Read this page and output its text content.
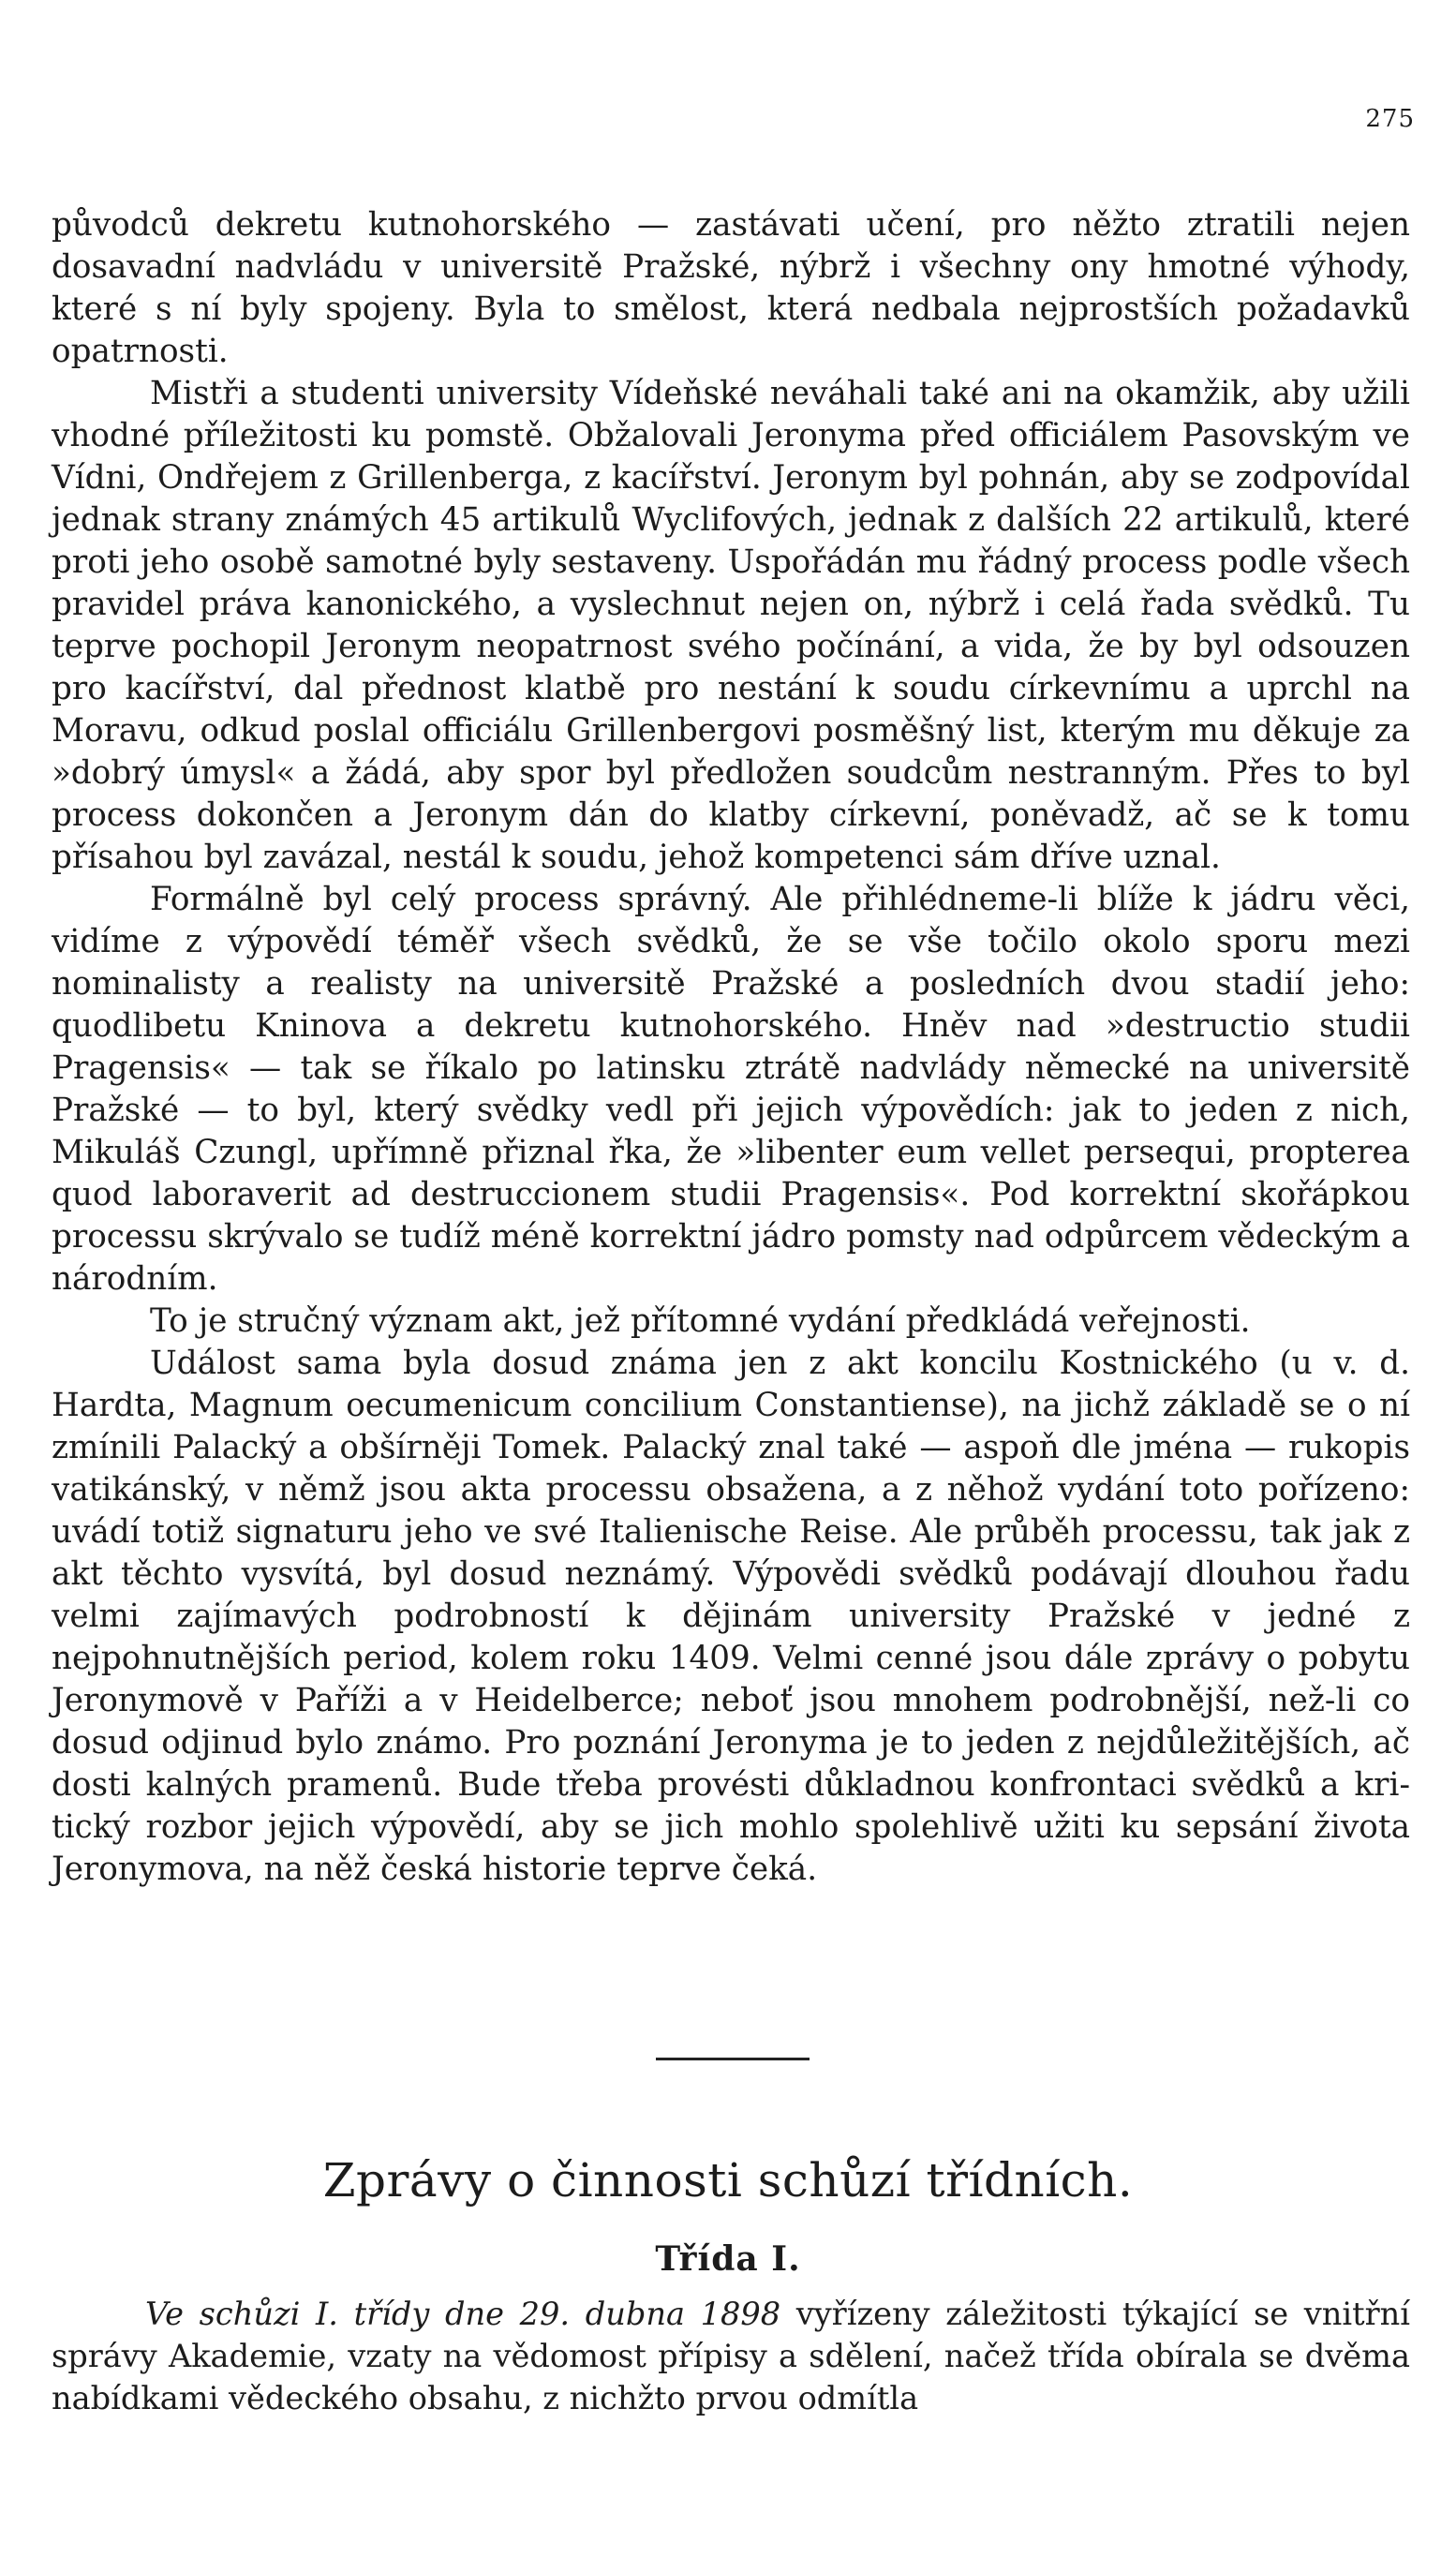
275

původců dekretu kutnohorského — zastávati učení, pro něžto ztratili nejen dosavadní nadvládu v universitě Pražské, nýbrž i všechny ony hmotné výhody, které s ní byly spojeny. Byla to smělost, která nedbala nejprostších požadavků opatrnosti.

Mistři a studenti university Vídeňské neváhali také ani na okamžik, aby užili vhodné příležitosti ku pomstě. Obžalovali Jeronyma před officiálem Pasovským ve Vídni, Ondřejem z Grillenberga, z kacířství. Jeronym byl pohnán, aby se zodpovídal jednak strany známých 45 artikulů Wyclifových, jednak z dalších 22 artikulů, které proti jeho osobě samotné byly sestaveny. Uspořádán mu řádný process podle všech pravidel práva kanonického, a vyslechnut nejen on, nýbrž i celá řada svědků. Tu teprve pochopil Jeronym neopatrnost svého počínání, a vida, že by byl odsouzen pro kacířství, dal přednost klatbě pro nestání k soudu církevnímu a uprchl na Moravu, odkud poslal officiálu Grillenbergovi posměšný list, kterým mu děkuje za »dobrý úmysl« a žádá, aby spor byl předložen soudcům nestranným. Přes to byl process dokončen a Jeronym dán do klatby církevní, poněvadž, ač se k tomu přísahou byl zavázal, nestál k soudu, jehož kompetenci sám dříve uznal.

Formálně byl celý process správný. Ale přihlédneme-li blíže k jádru věci, vidíme z výpovědí téměř všech svědků, že se vše točilo okolo sporu mezi nominalisty a realisty na universitě Pražské a posledních dvou stadií jeho: quodlibetu Kninova a dekretu kutnohorského. Hněv nad »destructio studii Pragensis« — tak se říkalo po latinsku ztrátě nadvlády německé na universitě Pražské — to byl, který svědky vedl při jejich výpovědích: jak to jeden z nich, Mikuláš Czungl, upřímně přiznal řka, že »libenter eum vellet persequi, propterea quod laboraverit ad destruccionem studii Pragensis«. Pod korrektní skořápkou processu skrývalo se tudíž méně korrektní jádro pomsty nad odpůrcem vědeckým a národním.

To je stručný význam akt, jež přítomné vydání předkládá veřejnosti.

Událost sama byla dosud známa jen z akt koncilu Kostnického (u v. d. Hardta, Magnum oecumenicum concilium Constantiense), na jichž základě se o ní zmínili Palacký a obšírněji Tomek. Palacký znal také — aspoň dle jména — rukopis vatikánský, v němž jsou akta processu obsažena, a z něhož vydání toto pořízeno: uvádí totiž signaturu jeho ve své Italienische Reise. Ale průběh processu, tak jak z akt těchto vysvítá, byl dosud neznámý. Výpovědi svědků podávají dlouhou řadu velmi zajímavých podrobností k dějinám university Pražské v jedné z nejpohnutnějších period, kolem roku 1409. Velmi cenné jsou dále zprávy o pobytu Jeronymově v Paříži a v Heidelberce; neboť jsou mnohem podrobnější, než-li co dosud odjinud bylo známo. Pro poznání Jeronyma je to jeden z nejdůležitějších, ač dosti kalných pramenů. Bude třeba provésti důkladnou konfrontaci svědků a kritický rozbor jejich výpovědí, aby se jich mohlo spolehlivě užiti ku sepsání života Jeronymova, na něž česká historie teprve čeká.

Zprávy o činnosti schůzí třídních.
Třída I.

Ve schůzi I. třídy dne 29. dubna 1898 vyřízeny záležitosti týkající se vnitřní správy Akademie, vzaty na vědomost přípisy a sdělení, načež třída obírala se dvěma nabídkami vědeckého obsahu, z nichžto prvou odmítla
